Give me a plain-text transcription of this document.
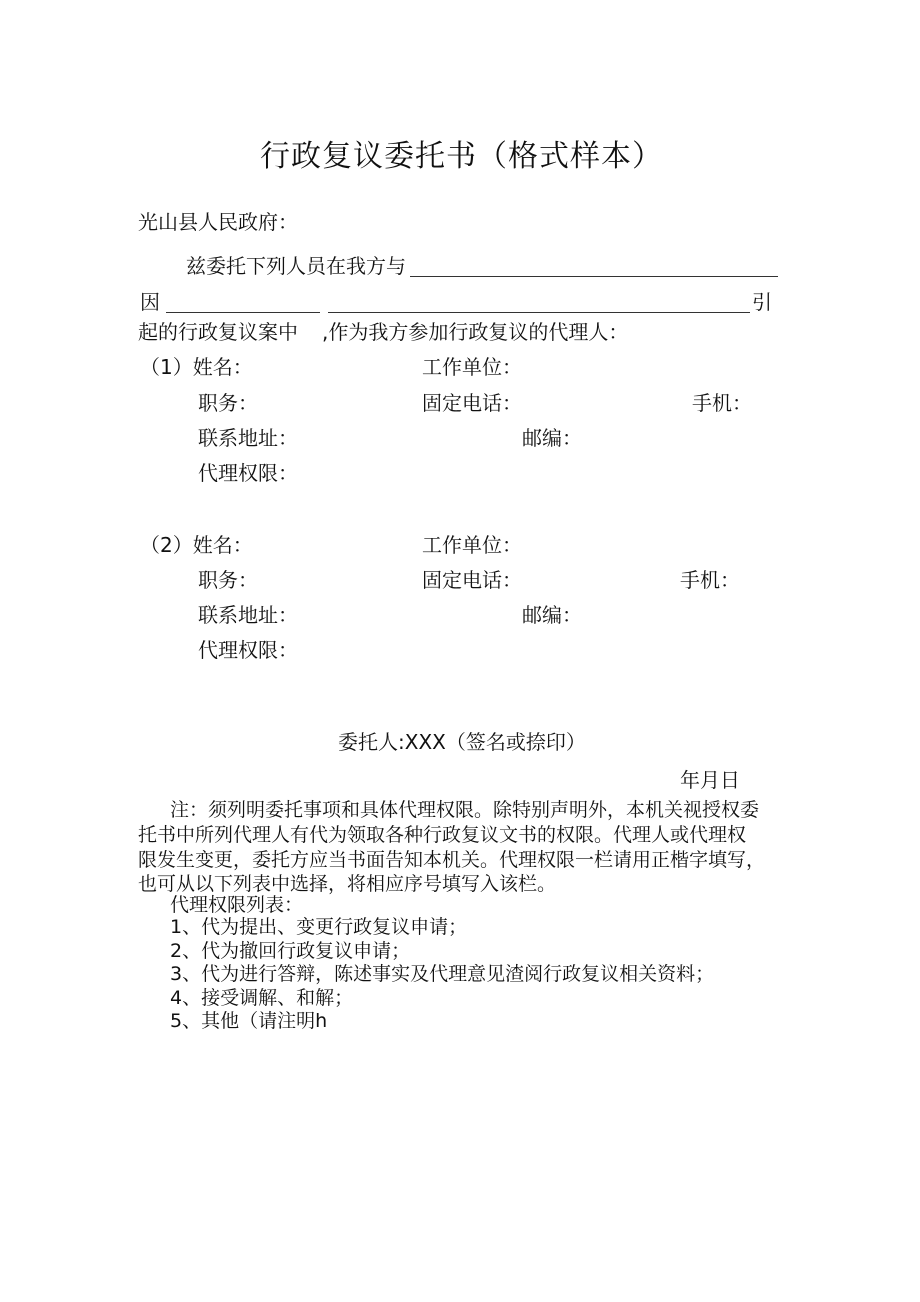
行政复议委托书（格式样本）
光山县人民政府：
兹委托下列人员在我方与
因	引
起的行政复议案中 ,作为我方参加行政复议的代理人：
（1）姓名：	工作单位：
职务：	固定电话：	手机：
联系地址：	邮编：
代理权限：
（2）姓名：	工作单位：
职务：	固定电话：	手机：
联系地址：	邮编：
代理权限：
委托人:XXX（签名或捺印）
年月日
注：须列明委托事项和具体代理权限。除特别声明外，本机关视授权委
托书中所列代理人有代为领取各种行政复议文书的权限。代理人或代理权
限发生变更，委托方应当书面告知本机关。代理权限一栏请用正楷字填写，
也可从以下列表中选择，将相应序号填写入该栏。
代理权限列表：
1、代为提出、变更行政复议申请；
2、代为撤回行政复议申请；
3、代为进行答辩，陈述事实及代理意见渣阅行政复议相关资料；
4、接受调解、和解；
5、其他（请注明h
